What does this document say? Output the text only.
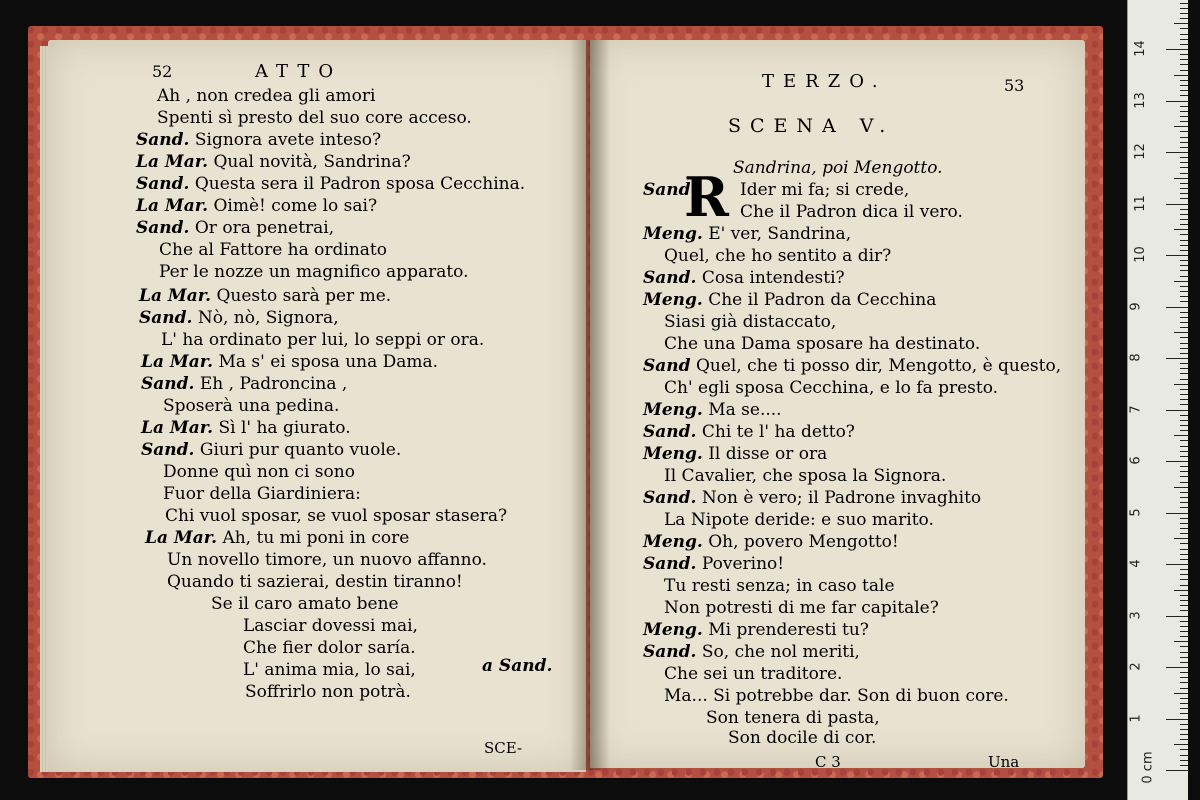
52	ATTO
Ah , non credea gli amori
Spenti sì presto del suo core acceso.
Sand. Signora avete inteso?
La Mar. Qual novità, Sandrina?
Sand. Questa sera il Padron sposa Cecchina.
La Mar. Oimè! come lo sai?
Sand. Or ora penetrai,
Che al Fattore ha ordinato
Per le nozze un magnifico apparato.
La Mar. Questo sarà per me.
Sand. Nò, nò, Signora,
L' ha ordinato per lui, lo seppi or ora.
La Mar. Ma s' ei sposa una Dama.
Sand. Eh , Padroncina ,
Sposerà una pedina.
La Mar. Sì l' ha giurato.
Sand. Giuri pur quanto vuole.
Donne quì non ci sono
Fuor della Giardiniera:
Chi vuol sposar, se vuol sposar stasera?
La Mar. Ah, tu mi poni in core
Un novello timore, un nuovo affanno.
Quando ti sazierai, destin tiranno!
Se il caro amato bene
Lasciar dovessi mai,
Che fier dolor saría.
L' anima mia, lo sai,
Soffrirlo non potrà.
a Sand.
SCE-
TERZO.	53
SCENA V.
Sandrina, poi Mengotto.
Sand.
R Ider mi fa; si crede,
Che il Padron dica il vero.
Meng. E' ver, Sandrina,
Quel, che ho sentito a dir?
Sand. Cosa intendesti?
Meng. Che il Padron da Cecchina
Siasi già distaccato,
Che una Dama sposare ha destinato.
Sand Quel, che ti posso dir, Mengotto, è questo,
Ch' egli sposa Cecchina, e lo fa presto.
Meng. Ma se....
Sand. Chi te l' ha detto?
Meng. Il disse or ora
Il Cavalier, che sposa la Signora.
Sand. Non è vero; il Padrone invaghito
La Nipote deride: e suo marito.
Meng. Oh, povero Mengotto!
Sand. Poverino!
Tu resti senza; in caso tale
Non potresti di me far capitale?
Meng. Mi prenderesti tu?
Sand. So, che nol meriti,
Che sei un traditore.
Ma... Si potrebbe dar. Son di buon core.
Son tenera di pasta,
Son docile di cor.
C 3	Una
1
2
3
4
5
6
7
8
9
10
11
12
13
14
0 cm
